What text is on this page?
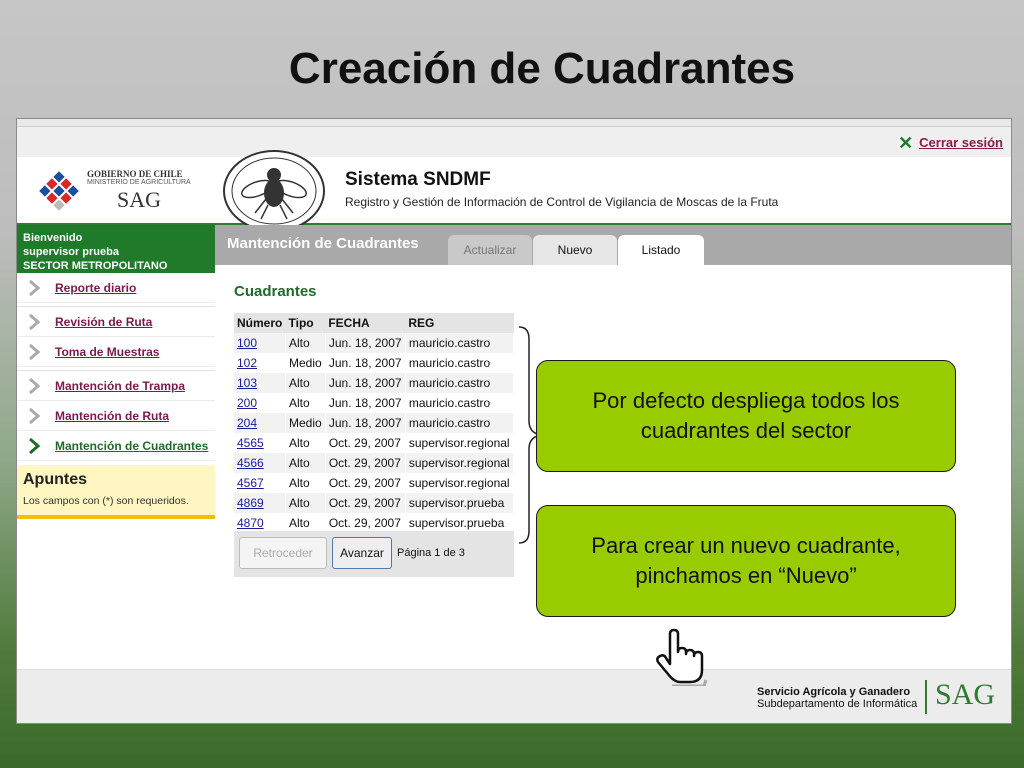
Creación de Cuadrantes
✕ Cerrar sesión
GOBIERNO DE CHILE
MINISTERIO DE AGRICULTURA
SAG
Sistema SNDMF
Registro y Gestión de Información de Control de Vigilancia de Moscas de la Fruta
Bienvenido
supervisor prueba
SECTOR METROPOLITANO
Reporte diario
Revisión de Ruta
Toma de Muestras
Mantención de Trampa
Mantención de Ruta
Mantención de Cuadrantes
Apuntes

Los campos con (*) son requeridos.

Mantención de Cuadrantes	Actualizar	Nuevo	Listado
Cuadrantes
Número	Tipo	FECHA	REG
100	Alto	Jun. 18, 2007	mauricio.castro
102	Medio	Jun. 18, 2007	mauricio.castro
103	Alto	Jun. 18, 2007	mauricio.castro
200	Alto	Jun. 18, 2007	mauricio.castro
204	Medio	Jun. 18, 2007	mauricio.castro
4565	Alto	Oct. 29, 2007	supervisor.regional
4566	Alto	Oct. 29, 2007	supervisor.regional
4567	Alto	Oct. 29, 2007	supervisor.regional
4869	Alto	Oct. 29, 2007	supervisor.prueba
4870	Alto	Oct. 29, 2007	supervisor.prueba
Retroceder	Avanzar	Página 1 de 3
Servicio Agrícola y Ganadero
Subdepartamento de Informática SAG
Por defecto despliega todos los cuadrantes del sector
Para crear un nuevo cuadrante, pinchamos en “Nuevo”
